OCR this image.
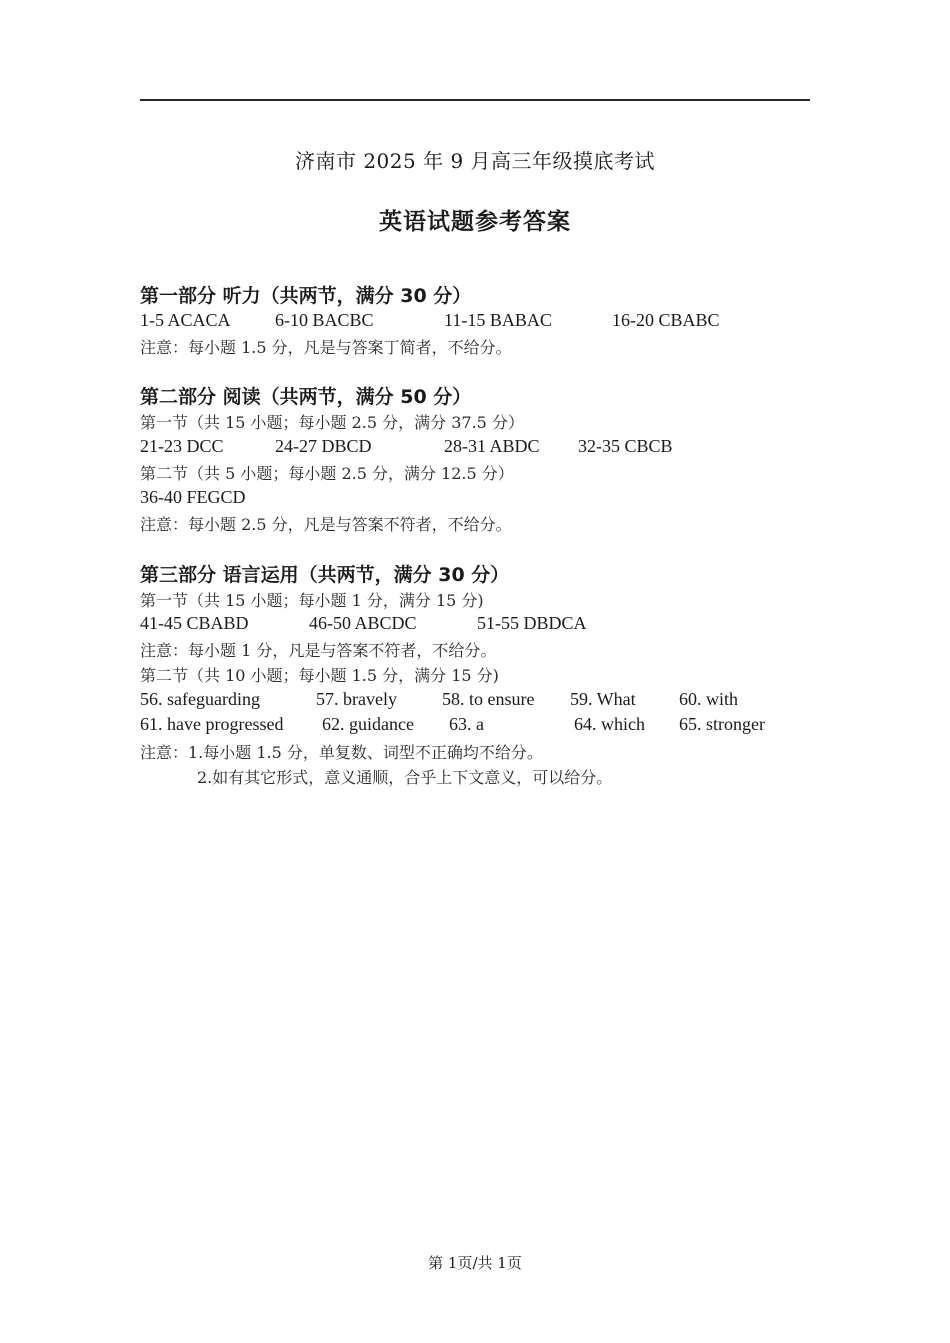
济南市 2025 年 9 月高三年级摸底考试
英语试题参考答案
第一部分 听力（共两节，满分 30 分）
1-5 ACACA 6-10 BACBC	11-15 BABAC	16-20 CBABC
注意：每小题 1.5 分，凡是与答案丁简者，不给分。
第二部分 阅读（共两节，满分 50 分）
第一节（共 15 小题；每小题 2.5 分，满分 37.5 分）
21-23 DCC	24-27 DBCD	28-31 ABDC 32-35 CBCB
第二节（共 5 小题；每小题 2.5 分，满分 12.5 分）
36-40 FEGCD
注意：每小题 2.5 分，凡是与答案不符者，不给分。
第三部分 语言运用（共两节，满分 30 分）
第一节（共 15 小题；每小题 1 分，满分 15 分)
41-45 CBABD	46-50 ABCDC	51-55 DBDCA
注意：每小题 1 分，凡是与答案不符者，不给分。
第二节（共 10 小题；每小题 1.5 分，满分 15 分)
56. safeguarding	57. bravely	58. to ensure 59. What 60. with
61. have progressed 62. guidance 63. a	64. which 65. stronger
注意：1.每小题 1.5 分，单复数、词型不正确均不给分。
2.如有其它形式，意义通顺，合乎上下文意义，可以给分。
第 1页/共 1页
